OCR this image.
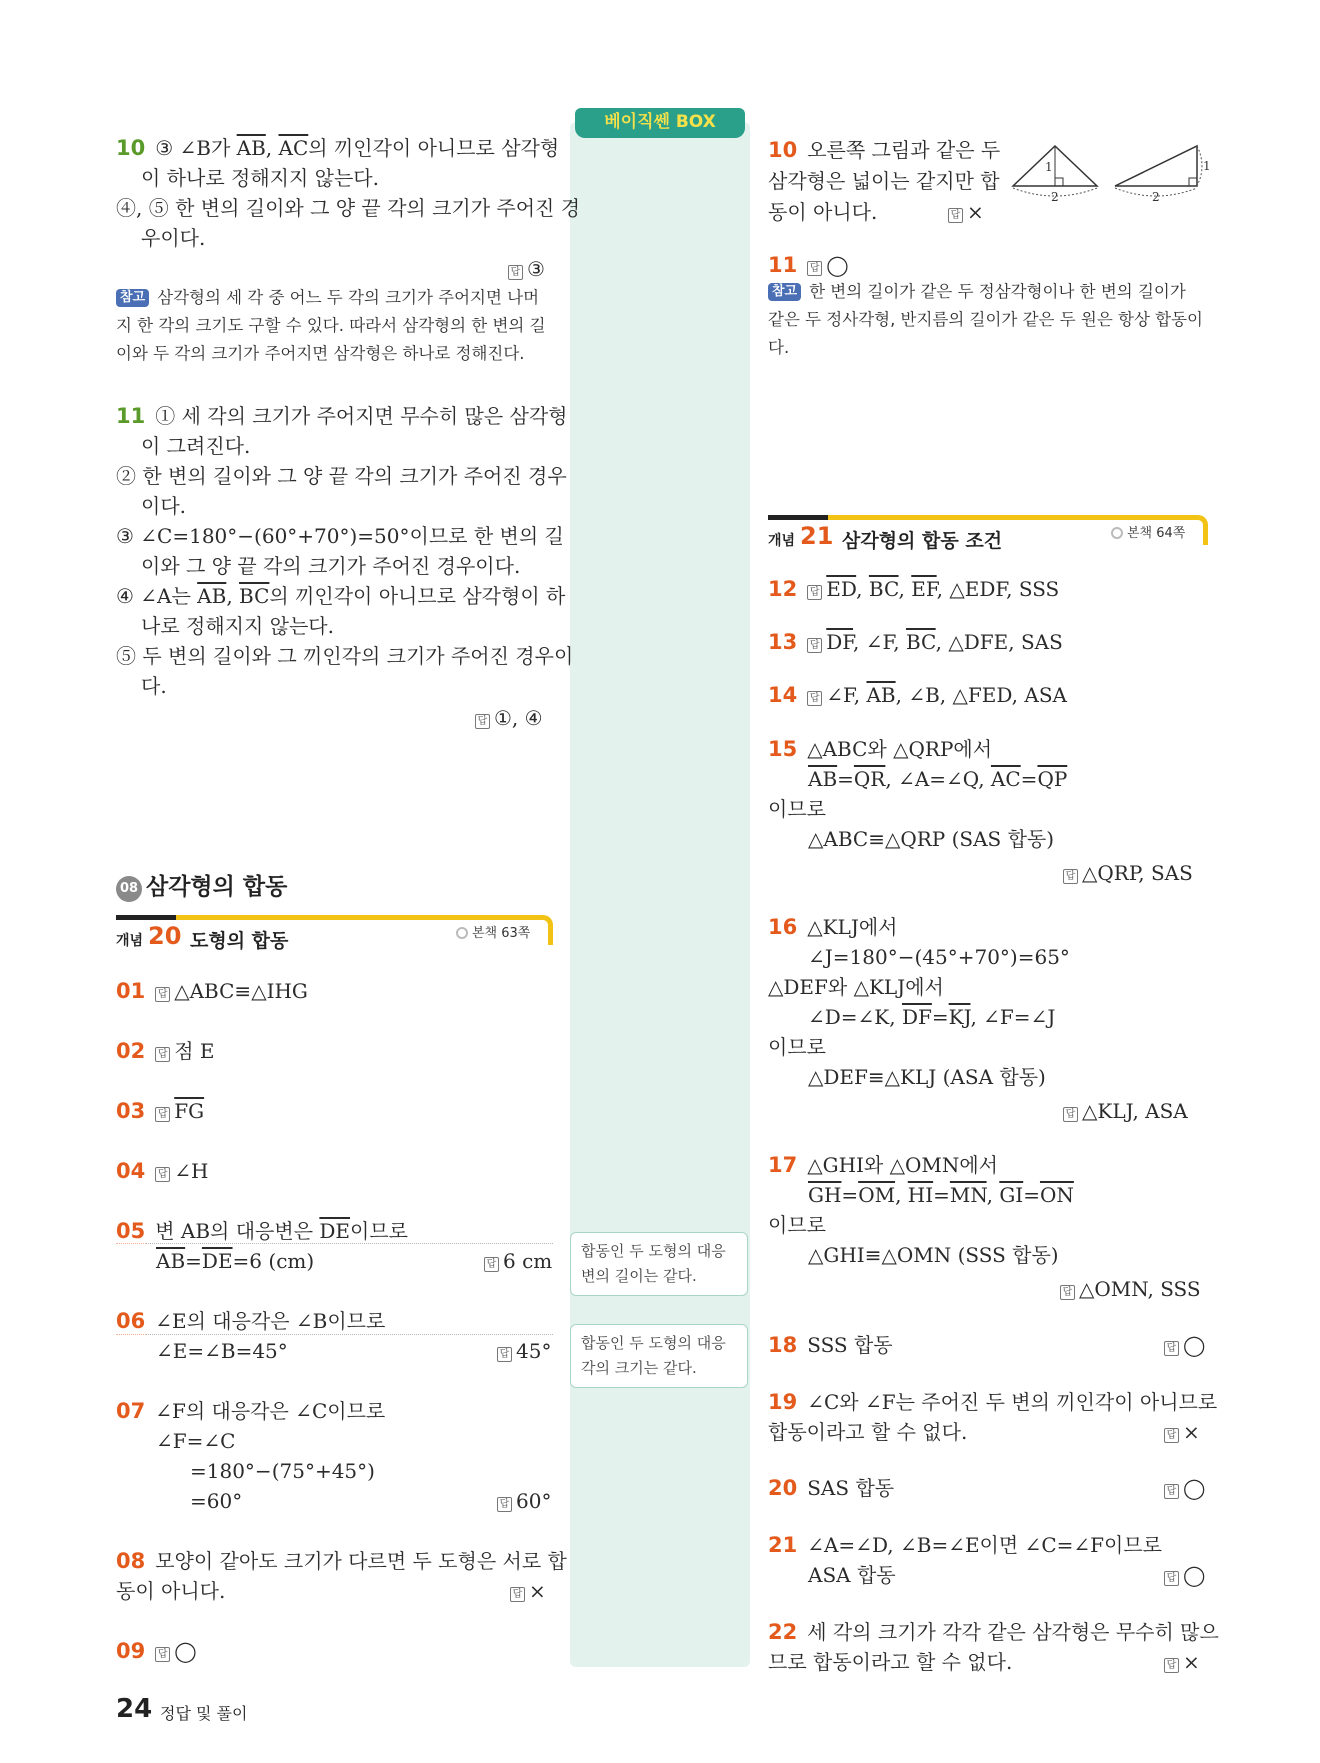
베이직쎈 BOX
합동인 두 도형의 대응
변의 길이는 같다.
합동인 두 도형의 대응
각의 크기는 같다.
10 ③ ∠B가 $\overline{AB}$, $\overline{AC}$의 끼인각이 아니므로 삼각형
이 하나로 정해지지 않는다.
④, ⑤ 한 변의 길이와 그 양 끝 각의 크기가 주어진 경
우이다.
답 ③
참고 삼각형의 세 각 중 어느 두 각의 크기가 주어지면 나머
지 한 각의 크기도 구할 수 있다. 따라서 삼각형의 한 변의 길
이와 두 각의 크기가 주어지면 삼각형은 하나로 정해진다.
11 ① 세 각의 크기가 주어지면 무수히 많은 삼각형
이 그려진다.
② 한 변의 길이와 그 양 끝 각의 크기가 주어진 경우
이다.
③ ∠C=180°−(60°+70°)=50°이므로 한 변의 길
이와 그 양 끝 각의 크기가 주어진 경우이다.
④ ∠A는 $\overline{AB}$, $\overline{BC}$의 끼인각이 아니므로 삼각형이 하
나로 정해지지 않는다.
⑤ 두 변의 길이와 그 끼인각의 크기가 주어진 경우이
다.
답 ①, ④
08 삼각형의 합동
개념 20 도형의 합동	본책 63쪽
01 답 △ABC≡△IHG
02 답 점 E
03 답 $\overline{FG}$
04 답 ∠H
05 변 AB의 대응변은 $\overline{DE}$이므로
$\overline{AB}=\overline{DE}=6$ (cm)	답 6 cm
06 ∠E의 대응각은 ∠B이므로
∠E=∠B=45°	답 45°
07 ∠F의 대응각은 ∠C이므로
∠F=∠C
=180°−(75°+45°)
=60°	답 60°
08 모양이 같아도 크기가 다르면 두 도형은 서로 합
동이 아니다.	답 ×
09 답 ◯
24 정답 및 풀이
10 오른쪽 그림과 같은 두
삼각형은 넓이는 같지만 합
동이 아니다.	답 ×
1
2
1
2
11 답 ◯
참고 한 변의 길이가 같은 두 정삼각형이나 한 변의 길이가
같은 두 정사각형, 반지름의 길이가 같은 두 원은 항상 합동이
다.
개념 21 삼각형의 합동 조건	본책 64쪽
12 답 $\overline{ED}$, $\overline{BC}$, $\overline{EF}$, △EDF, SSS
13 답 $\overline{DF}$, ∠F, $\overline{BC}$, △DFE, SAS
14 답 ∠F, $\overline{AB}$, ∠B, △FED, ASA
15 △ABC와 △QRP에서
$\overline{AB}=\overline{QR}$, ∠A=∠Q, $\overline{AC}=\overline{QP}$
이므로
△ABC≡△QRP (SAS 합동)
답 △QRP, SAS
16 △KLJ에서
∠J=180°−(45°+70°)=65°
△DEF와 △KLJ에서
∠D=∠K, $\overline{DF}=\overline{KJ}$, ∠F=∠J
이므로
△DEF≡△KLJ (ASA 합동)
답 △KLJ, ASA
17 △GHI와 △OMN에서
$\overline{GH}=\overline{OM}$, $\overline{HI}=\overline{MN}$, $\overline{GI}=\overline{ON}$
이므로
△GHI≡△OMN (SSS 합동)
답 △OMN, SSS
18 SSS 합동	답 ◯
19 ∠C와 ∠F는 주어진 두 변의 끼인각이 아니므로
합동이라고 할 수 없다.	답 ×
20 SAS 합동	답 ◯
21 ∠A=∠D, ∠B=∠E이면 ∠C=∠F이므로
ASA 합동	답 ◯
22 세 각의 크기가 각각 같은 삼각형은 무수히 많으
므로 합동이라고 할 수 없다.	답 ×
